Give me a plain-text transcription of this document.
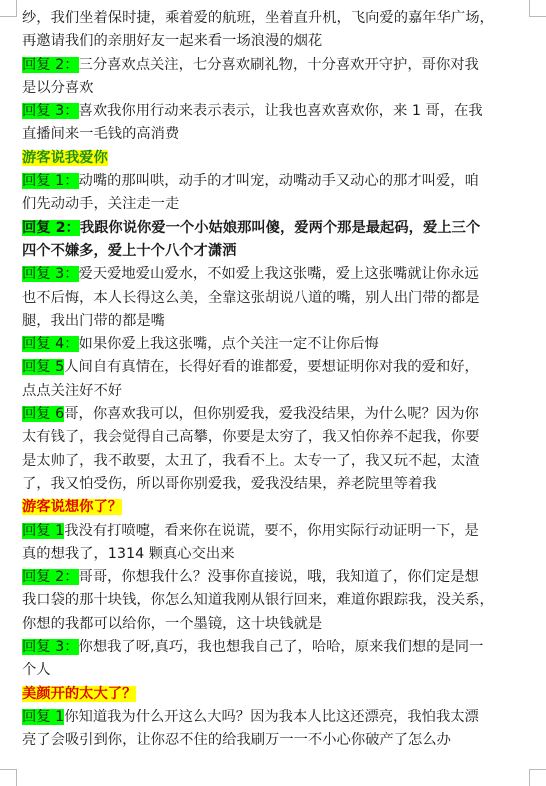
纱，我们坐着保时捷，乘着爱的航班，坐着直升机，飞向爱的嘉年华广场，
再邀请我们的亲朋好友一起来看一场浪漫的烟花
回复 2：三分喜欢点关注，七分喜欢刷礼物，十分喜欢开守护，哥你对我
是以分喜欢
回复 3：喜欢我你用行动来表示表示，让我也喜欢喜欢你，来 1 哥，在我
直播间来一毛钱的高消费
游客说我爱你
回复 1：动嘴的那叫哄，动手的才叫宠，动嘴动手又动心的那才叫爱，咱
们先动动手，关注走一走
回复 2：我跟你说你爱一个小姑娘那叫傻，爱两个那是最起码，爱上三个
四个不嫌多，爱上十个八个才潇洒
回复 3：爱天爱地爱山爱水，不如爱上我这张嘴，爱上这张嘴就让你永远
也不后悔，本人长得这么美，全靠这张胡说八道的嘴，别人出门带的都是
腿，我出门带的都是嘴
回复 4：如果你爱上我这张嘴，点个关注一定不让你后悔
回复 5人间自有真情在，长得好看的谁都爱，要想证明你对我的爱和好，
点点关注好不好
回复 6哥，你喜欢我可以，但你别爱我，爱我没结果，为什么呢？因为你
太有钱了，我会觉得自己高攀，你要是太穷了，我又怕你养不起我，你要
是太帅了，我不敢要，太丑了，我看不上。太专一了，我又玩不起，太渣
了，我又怕受伤，所以哥你别爱我，爱我没结果，养老院里等着我
游客说想你了？
回复 1我没有打喷嚏，看来你在说谎，要不，你用实际行动证明一下，是
真的想我了，1314 颗真心交出来
回复 2：哥哥，你想我什么？没事你直接说，哦，我知道了，你们定是想
我口袋的那十块钱，你怎么知道我刚从银行回来，难道你跟踪我，没关系，
你想的我都可以给你，一个墨镜，这十块钱就是
回复 3：你想我了呀,真巧，我也想我自己了，哈哈，原来我们想的是同一
个人
美颜开的太大了？
回复 1你知道我为什么开这么大吗？因为我本人比这还漂亮，我怕我太漂
亮了会吸引到你，让你忍不住的给我刷万一一不小心你破产了怎么办
